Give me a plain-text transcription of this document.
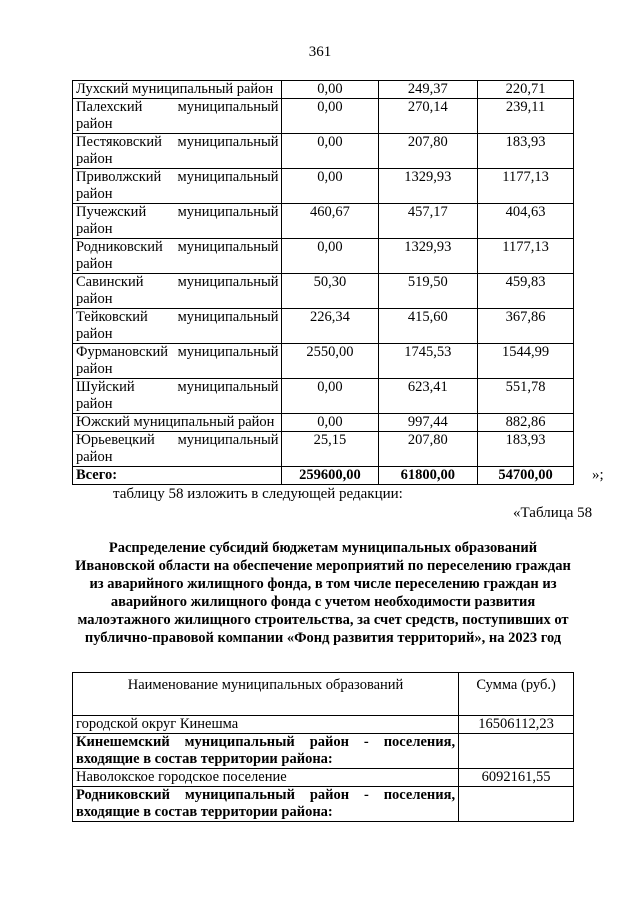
361
Лухский муниципальный район	0,00	249,37	220,71
Палехский муниципальный район	0,00	270,14	239,11
Пестяковский муниципальный район	0,00	207,80	183,93
Приволжский муниципальный район	0,00	1329,93	1177,13
Пучежский муниципальный район	460,67	457,17	404,63
Родниковский муниципальный район	0,00	1329,93	1177,13
Савинский муниципальный район	50,30	519,50	459,83
Тейковский муниципальный район	226,34	415,60	367,86
Фурмановский муниципальный район	2550,00	1745,53	1544,99
Шуйский муниципальный район	0,00	623,41	551,78
Южский муниципальный район	0,00	997,44	882,86
Юрьевецкий муниципальный район	25,15	207,80	183,93
Всего:	259600,00	61800,00	54700,00	»;
таблицу 58 изложить в следующей редакции:
«Таблица 58
Распределение субсидий бюджетам муниципальных образований Ивановской области на обеспечение мероприятий по переселению граждан из аварийного жилищного фонда, в том числе переселению граждан из аварийного жилищного фонда с учетом необходимости развития малоэтажного жилищного строительства, за счет средств, поступивших от публично-правовой компании «Фонд развития территорий», на 2023 год
Наименование муниципальных образований	Сумма (руб.)
городской округ Кинешма	16506112,23
Кинешемский муниципальный район - поселения, входящие в состав территории района:	
Наволокское городское поселение	6092161,55
Родниковский муниципальный район - поселения, входящие в состав территории района:	
